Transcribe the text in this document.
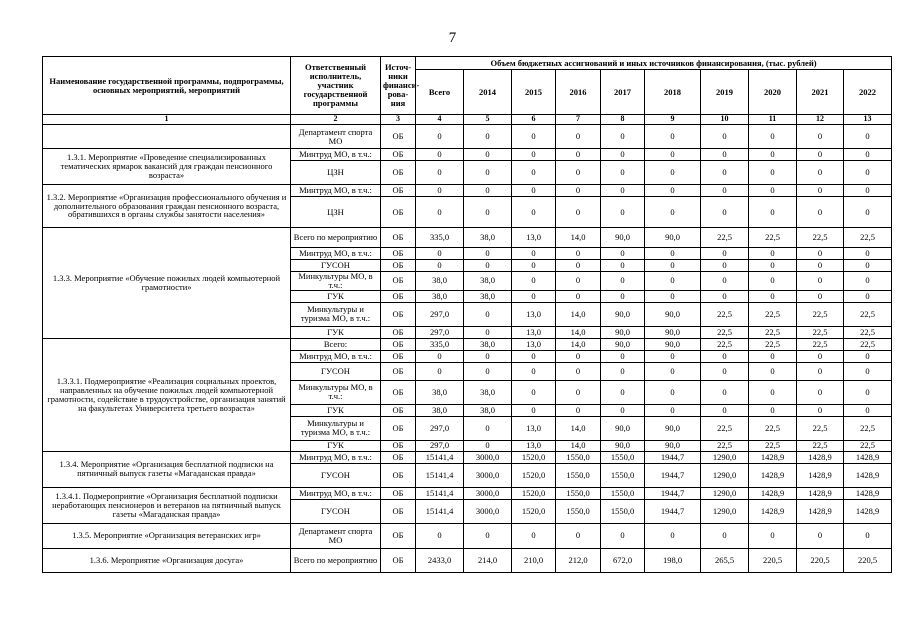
7
Наименование государственной программы, подпрограммы, основных мероприятий, мероприятий	Ответственный исполнитель, участник государственной программы	Источ-ники финанси-рова-ния	Объем бюджетных ассигнований и иных источников финансирования, (тыс. рублей)									
			Всего	2014	2015	2016	2017	2018	2019	2020	2021	2022
1	2	3	4	5	6	7	8	9	10	11	12	13
	Департамент спорта МО	ОБ	0	0	0	0	0	0	0	0	0	0
1.3.1. Мероприятие «Проведение специализированных тематических ярмарок вакансий для граждан пенсионного возраста»	Минтруд МО, в т.ч.:	ОБ	0	0	0	0	0	0	0	0	0	0
	ЦЗН	ОБ	0	0	0	0	0	0	0	0	0	0
1.3.2. Мероприятие «Организация профессионального обучения и дополнительного образования граждан пенсионного возраста, обратившихся в органы службы занятости населения»	Минтруд МО, в т.ч.:	ОБ	0	0	0	0	0	0	0	0	0	0
	ЦЗН	ОБ	0	0	0	0	0	0	0	0	0	0
1.3.3. Мероприятие «Обучение пожилых людей компьютерной грамотности»	Всего по мероприятию	ОБ	335,0	38,0	13,0	14,0	90,0	90,0	22,5	22,5	22,5	22,5
	Минтруд МО, в т.ч.:	ОБ	0	0	0	0	0	0	0	0	0	0
	ГУСОН	ОБ	0	0	0	0	0	0	0	0	0	0
	Минкультуры МО, в т.ч.:	ОБ	38,0	38,0	0	0	0	0	0	0	0	0
	ГУК	ОБ	38,0	38,0	0	0	0	0	0	0	0	0
	Минкультуры и туризма МО, в т.ч.:	ОБ	297,0	0	13,0	14,0	90,0	90,0	22,5	22,5	22,5	22,5
	ГУК	ОБ	297,0	0	13,0	14,0	90,0	90,0	22,5	22,5	22,5	22,5
1.3.3.1. Подмероприятие «Реализация социальных проектов, направленных на обучение пожилых людей компьютерной грамотности, содействие в трудоустройстве, организация занятий на факультетах Университета третьего возраста»	Всего:	ОБ	335,0	38,0	13,0	14,0	90,0	90,0	22,5	22,5	22,5	22,5
	Минтруд МО, в т.ч.:	ОБ	0	0	0	0	0	0	0	0	0	0
	ГУСОН	ОБ	0	0	0	0	0	0	0	0	0	0
	Минкультуры МО, в т.ч.:	ОБ	38,0	38,0	0	0	0	0	0	0	0	0
	ГУК	ОБ	38,0	38,0	0	0	0	0	0	0	0	0
	Минкультуры и туризма МО, в т.ч.:	ОБ	297,0	0	13,0	14,0	90,0	90,0	22,5	22,5	22,5	22,5
	ГУК	ОБ	297,0	0	13,0	14,0	90,0	90,0	22,5	22,5	22,5	22,5
1.3.4. Мероприятие «Организация бесплатной подписки на пятничный выпуск газеты «Магаданская правда»	Минтруд МО, в т.ч.:	ОБ	15141,4	3000,0	1520,0	1550,0	1550,0	1944,7	1290,0	1428,9	1428,9	1428,9
	ГУСОН	ОБ	15141,4	3000,0	1520,0	1550,0	1550,0	1944,7	1290,0	1428,9	1428,9	1428,9
1.3.4.1. Подмероприятие «Организация бесплатной подписки неработающих пенсионеров и ветеранов на пятничный выпуск газеты «Магаданская правда»	Минтруд МО, в т.ч.:	ОБ	15141,4	3000,0	1520,0	1550,0	1550,0	1944,7	1290,0	1428,9	1428,9	1428,9
	ГУСОН	ОБ	15141,4	3000,0	1520,0	1550,0	1550,0	1944,7	1290,0	1428,9	1428,9	1428,9
1.3.5. Мероприятие «Организация ветеранских игр»	Департамент спорта МО	ОБ	0	0	0	0	0	0	0	0	0	0
1.3.6. Мероприятие «Организация досуга»	Всего по мероприятию	ОБ	2433,0	214,0	210,0	212,0	672,0	198,0	265,5	220,5	220,5	220,5
